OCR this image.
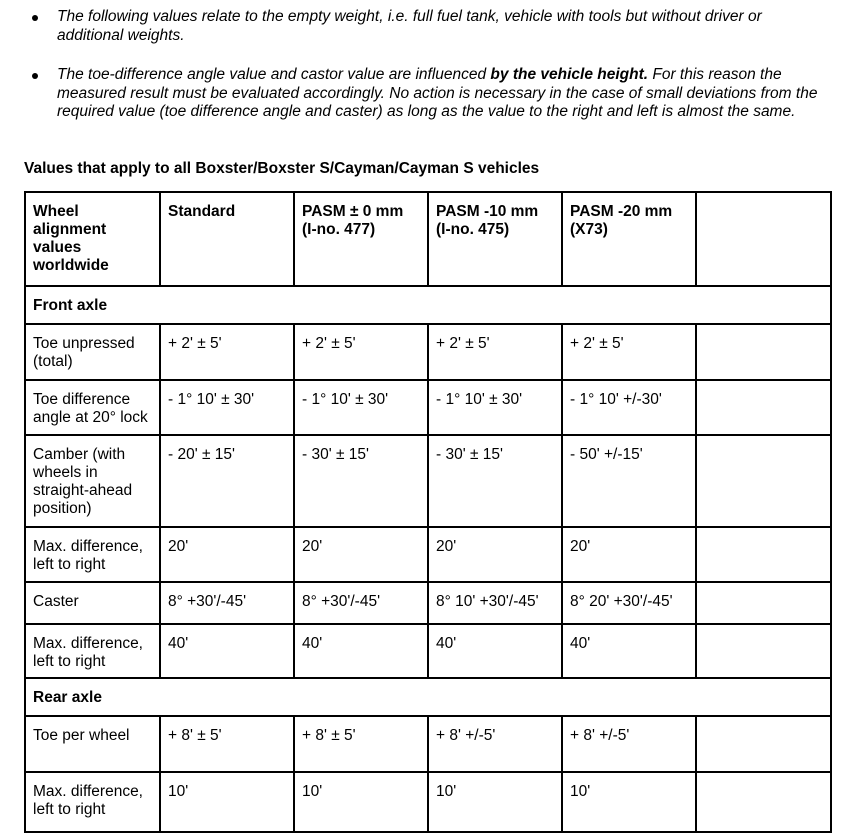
The following values relate to the empty weight, i.e. full fuel tank, vehicle with tools but without driver or additional weights.
The toe-difference angle value and castor value are influenced by the vehicle height. For this reason the measured result must be evaluated accordingly. No action is necessary in the case of small deviations from the required value (toe difference angle and caster) as long as the value to the right and left is almost the same.
Values that apply to all Boxster/Boxster S/Cayman/Cayman S vehicles
Wheel alignment values worldwide	Standard	PASM ± 0 mm (I-no. 477)	PASM -10 mm (I-no. 475)	PASM -20 mm (X73)	
Front axle					
Toe unpressed (total)	+ 2' ± 5'	+ 2' ± 5'	+ 2' ± 5'	+ 2' ± 5'	
Toe difference angle at 20° lock	- 1° 10' ± 30'	- 1° 10' ± 30'	- 1° 10' ± 30'	- 1° 10' +/-30'	
Camber (with wheels in straight-ahead position)	- 20' ± 15'	- 30' ± 15'	- 30' ± 15'	- 50' +/-15'	
Max. difference, left to right	20'	20'	20'	20'	
Caster	8° +30'/-45'	8° +30'/-45'	8° 10' +30'/-45'	8° 20' +30'/-45'	
Max. difference, left to right	40'	40'	40'	40'	
Rear axle					
Toe per wheel	+ 8' ± 5'	+ 8' ± 5'	+ 8' +/-5'	+ 8' +/-5'	
Max. difference, left to right	10'	10'	10'	10'	
